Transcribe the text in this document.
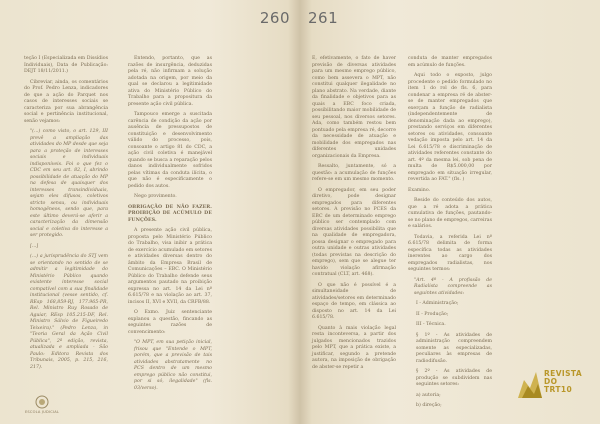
260

teção I (Especializada em Dissídios Individuais), Data de Publicação: DEJT 18/11/2011.)

Cibreviar, ainda, os comentários do Prof. Pedro Lenza, indicadores de que a ação do Parquet nos casos de interesses sociais se caracteriza por sua abrangência social e pertinência institucional, senão vejamos:

"(...) como visto, o art. 129, III prevê a ampliação das atividades do MP desde que seja para a proteção de interesses sociais e individuais indisponíveis. Foi o que fez o CDC em seu art. 82, I, abrindo possibilidade de atuação do MP na defesa de quaisquer dos interesses transindividuais, sejam eles difusos, coletivos stricto sensu, ou individuais homogêneos, sendo que, para este último deverá-se aferir a caracterização da dimensão social e coletiva do interesse a ser protegido.

[...]

(...) a jurisprudência do STJ vem se orientando no sentido de se admitir a legitimidade do Ministério Público quando existente interesse social compatível com a sua finalidade institucional (vesse sentido, cf. REsp 168,859-RJ, 177.965-PR, Rel. Ministro Ruy Rosado de Aguiar, REsp 105.215-DF, Rel. Ministro Sálvio de Figueiredo Teixeira)." (Pedro Lenza, in "Teoria Geral da Ação Civil Pública", 2ª edição, revista, atualizada e ampliada - São Paulo: Editora Revista dos Tribunais, 2005, p. 215, 216, 217).

Entendo, portanto, que as razões de insurgência, deduzidas pela ré, não infirmam a solução adotada na origem, por meio da qual se declarou a legitimidade ativa do Ministério Público do Trabalho para a propositura da presente ação civil pública.

Tampouco emerge a suscitada carência de condição da ação por ausência de pressupostos de constituição e desenvolvimento válido do processo, pois, consoante o artigo 81 do CDC, a ação civil coletiva é manejável quando se busca a reparação pelos danos individualmente sofridos pelas vítimas da conduta ilícita, o que não é especificamente o pedido dos autos.

Nego provimento.

OBRIGAÇÃO DE NÃO FAZER. PROIBIÇÃO DE ACÚMULO DE FUNÇÕES.

A presente ação civil pública, proposta pelo Ministério Público do Trabalho, visa inibir a prática de exercício acumulado em setores e atividades diversas dentro do âmbito da Empresa Brasil de Comunicações – EBC. O Ministério Público do Trabalho defende seus argumentos pautado na proibição expressa no art. 14 da Lei nº 6.615/78 e na violação ao art. 37, incisos II, XVI e XVII, da CRFB/88.

O Exmo. Juiz sentenciante explanou a questão, fincando as seguintes razões de convencimento:

"O MPT, em sua petição inicial, frisou que "Entende o MPT, porém, que a previsão de tais atividades abstratamente no PCS dentro de um mesmo emprego público não constitui, por si só, ilegalidade" (fls. 03/verso).

ESCOLA JUDICIAL
261

E, efetivamente, o fato de haver previsão de diversas atividades para um mesmo emprego público, como bem assevera o MPT, não constitui qualquer ilegalidade no plano abstrato. Na verdade, diante da finalidade e objetivos para as quais a EBC foco criada, possibilitando maior mobilidade de seu pessoal, nos diversos setores. Ada, como também restou bem pontuado pela empresa ré, decorre da necessidade de atuação e mobilidade dos empregados nas diferentes unidades organizacionais da Empresa.

Ressalto, juntamente, só a questão: a acumulação de funções refere-se em um mesmo momento.

O empregador, em seu poder diretivo, pode designar empregados para diferentes setores. A previsão no PCES da EBC de um determinado emprego público ser contemplado com diversas atividades possibilita que na qualidade de empregadora, possa designar o empregado para outra unidade e outras atividades (todas previstas na descrição do emprego), sem que se alegue ter havido violação afirmação contratual (CLT, art. 468).

O que não é possível é a simultaneidade de atividades/setores em determinado espaço de tempo, em clássica ao disposto no art. 14 da Lei 6.615/78.

Quanto à mais violação legal resta inconteversa, a partir dos julgados mencionados trazidos pelo MPT, que a prática existe, a justificar, segundo a pretende autora, na imposição de obrigação de abster-se repetir a

conduta de manter empregados em acúmulo de funções.

Aqui todo o exposto, julgo procedente o pedido formulado no item 1 do rol de fls. 6, para condenar a empresa ré de abster-se de manter empregados que exerçam a função de radialista (independentemente de denominação dada ao emprego), prestando serviços em diferentes setores ou atividades, consoante vedação imposta pelo art. 14 da Lei 6.615/78 e discriminação de atividades referentes constante do art. 4º da mesma lei, sob pena de multa de R$5.000,00 por empregado em situação irregular, revertida ao FAT." (fls. )

Examino.

Reside do conteúdo dos autos, que a ré adota a prática cumulativa de funções, pautando-se no plano de empregos, carreiras e salários.

Todavia, a referida Lei nº 6.615/78 delimita de forma específica todas as atividades inerentes ao cargo dos empregados radialistas, nos seguintes termos:

"Art. 4º - A profissão de Radialista compreende as seguintes atividades:

I - Administração;

II - Produção;

III - Técnica.

§ 1º - As atividades de administração compreendem somente as especializadas, peculiares às empresas de radiodifusão.

§ 2º - As atividades de produção se subdividem nas seguintes setores:

a) autoria;

b) direção;

REVISTA
DO TRT10
